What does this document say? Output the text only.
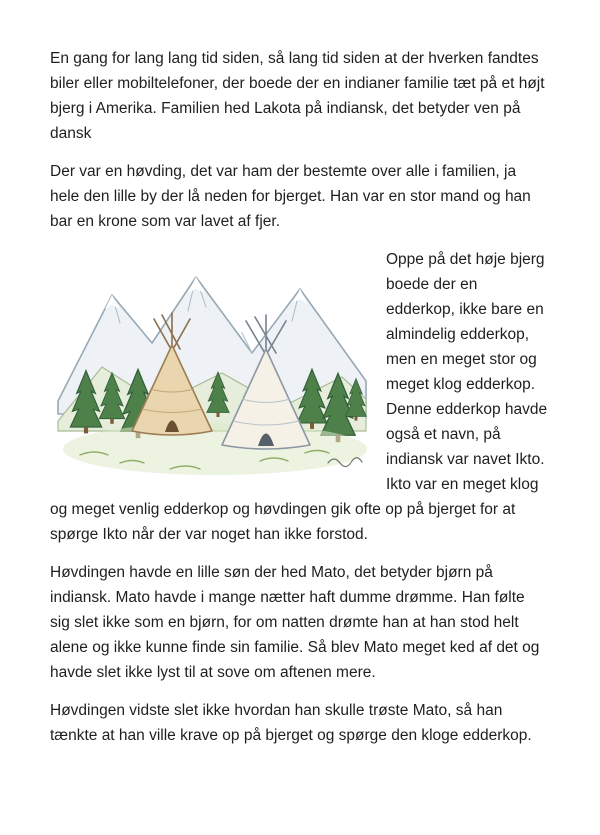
En gang for lang lang tid siden, så lang tid siden at der hverken fandtes biler eller mobiltelefoner, der boede der en indianer familie tæt på et højt bjerg i Amerika. Familien hed Lakota på indiansk, det betyder ven på dansk

Der var en høvding, det var ham der bestemte over alle i familien, ja hele den lille by der lå neden for bjerget. Han var en stor mand og han bar en krone som var lavet af fjer.

Oppe på det høje bjerg boede der en edderkop, ikke bare en almindelig edderkop, men en meget stor og meget klog edderkop. Denne edderkop havde også et navn, på indiansk var navet Ikto. Ikto var en meget klog og meget venlig edderkop og høvdingen gik ofte op på bjerget for at spørge Ikto når der var noget han ikke forstod.

Høvdingen havde en lille søn der hed Mato, det betyder bjørn på indiansk. Mato havde i mange nætter haft dumme drømme. Han følte sig slet ikke som en bjørn, for om natten drømte han at han stod helt alene og ikke kunne finde sin familie. Så blev Mato meget ked af det og havde slet ikke lyst til at sove om aftenen mere.

Høvdingen vidste slet ikke hvordan han skulle trøste Mato, så han tænkte at han ville krave op på bjerget og spørge den kloge edderkop.
